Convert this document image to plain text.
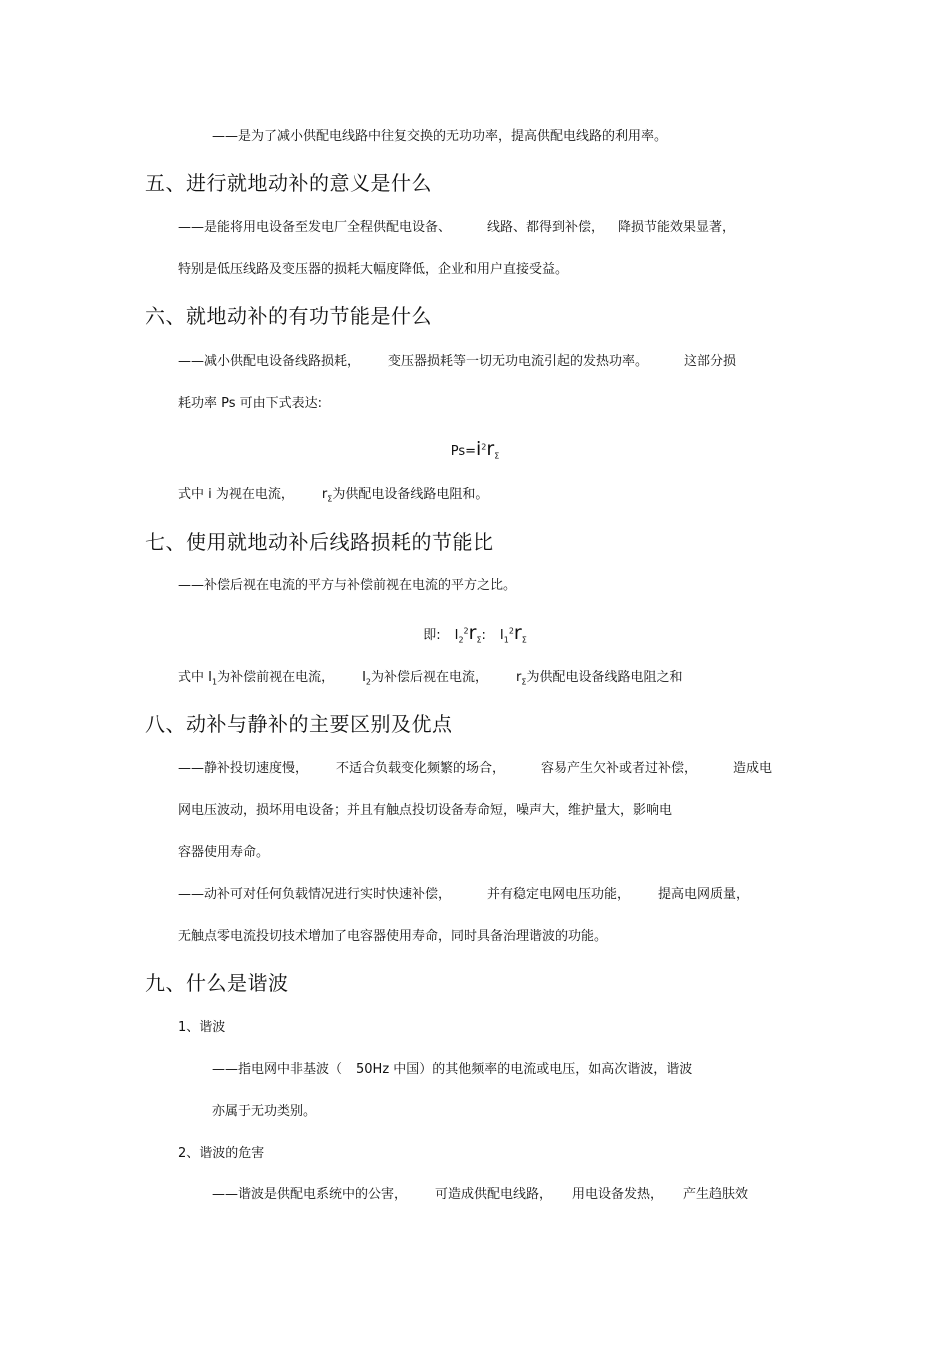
——是为了减小供配电线路中往复交换的无功功率，提高供配电线路的利用率。
五、进行就地动补的意义是什么
——是能将用电设备至发电厂全程供配电设备、	线路、都得到补偿， 降损节能效果显著，
特别是低压线路及变压器的损耗大幅度降低，企业和用户直接受益。
六、就地动补的有功节能是什么
——减小供配电设备线路损耗， 变压器损耗等一切无功电流引起的发热功率。	这部分损
耗功率 Ps 可由下式表达:
$Ps=i^2r_\Sigma$
式中 i 为视在电流， $r_\Sigma$为供配电设备线路电阻和。
七、使用就地动补后线路损耗的节能比
——补偿后视在电流的平方与补偿前视在电流的平方之比。
即: $I_2^2r_\Sigma$: $I_1^2r_\Sigma$
式中 $I_1$为补偿前视在电流， $I_2$为补偿后视在电流， $r_\Sigma$为供配电设备线路电阻之和
八、动补与静补的主要区别及优点
——静补投切速度慢， 不适合负载变化频繁的场合，	容易产生欠补或者过补偿，	造成电
网电压波动，损坏用电设备；并且有触点投切设备寿命短，噪声大，维护量大，影响电
容器使用寿命。
——动补可对任何负载情况进行实时快速补偿，	并有稳定电网电压功能， 提高电网质量，
无触点零电流投切技术增加了电容器使用寿命，同时具备治理谐波的功能。
九、什么是谐波
1、谐波
——指电网中非基波（ 50Hz 中国）的其他频率的电流或电压，如高次谐波，谐波
亦属于无功类别。
2、谐波的危害
——谐波是供配电系统中的公害， 可造成供配电线路， 用电设备发热， 产生趋肤效
